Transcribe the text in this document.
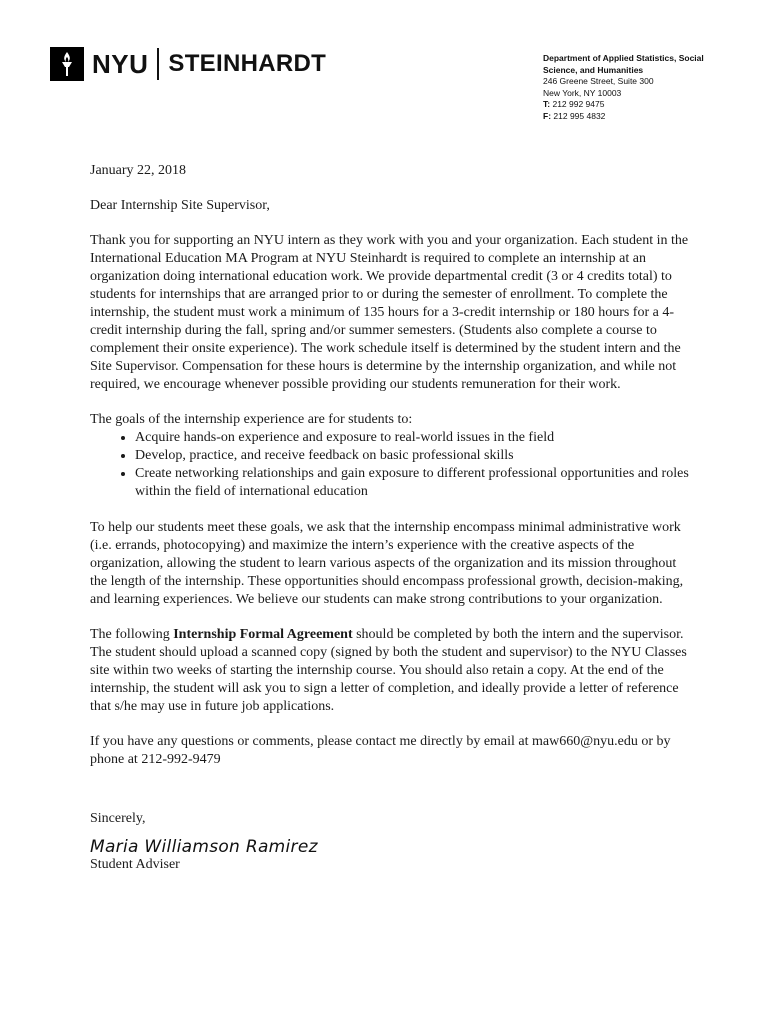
NYU STEINHARDT	Department of Applied Statistics, Social Science, and Humanities
246 Greene Street, Suite 300
New York, NY 10003
T: 212 992 9475
F: 212 995 4832

January 22, 2018

Dear Internship Site Supervisor,

Thank you for supporting an NYU intern as they work with you and your organization. Each student in the International Education MA Program at NYU Steinhardt is required to complete an internship at an organization doing international education work. We provide departmental credit (3 or 4 credits total) to students for internships that are arranged prior to or during the semester of enrollment. To complete the internship, the student must work a minimum of 135 hours for a 3-credit internship or 180 hours for a 4-credit internship during the fall, spring and/or summer semesters. (Students also complete a course to complement their onsite experience). The work schedule itself is determined by the student intern and the Site Supervisor. Compensation for these hours is determine by the internship organization, and while not required, we encourage whenever possible providing our students remuneration for their work.

The goals of the internship experience are for students to:
• Acquire hands-on experience and exposure to real-world issues in the field
• Develop, practice, and receive feedback on basic professional skills
• Create networking relationships and gain exposure to different professional opportunities and roles within the field of international education

To help our students meet these goals, we ask that the internship encompass minimal administrative work (i.e. errands, photocopying) and maximize the intern’s experience with the creative aspects of the organization, allowing the student to learn various aspects of the organization and its mission throughout the length of the internship. These opportunities should encompass professional growth, decision-making, and learning experiences. We believe our students can make strong contributions to your organization.

The following Internship Formal Agreement should be completed by both the intern and the supervisor. The student should upload a scanned copy (signed by both the student and supervisor) to the NYU Classes site within two weeks of starting the internship course. You should also retain a copy. At the end of the internship, the student will ask you to sign a letter of completion, and ideally provide a letter of reference that s/he may use in future job applications.

If you have any questions or comments, please contact me directly by email at maw660@nyu.edu or by phone at 212-992-9479

Sincerely,
Maria Williamson Ramirez
Student Adviser
